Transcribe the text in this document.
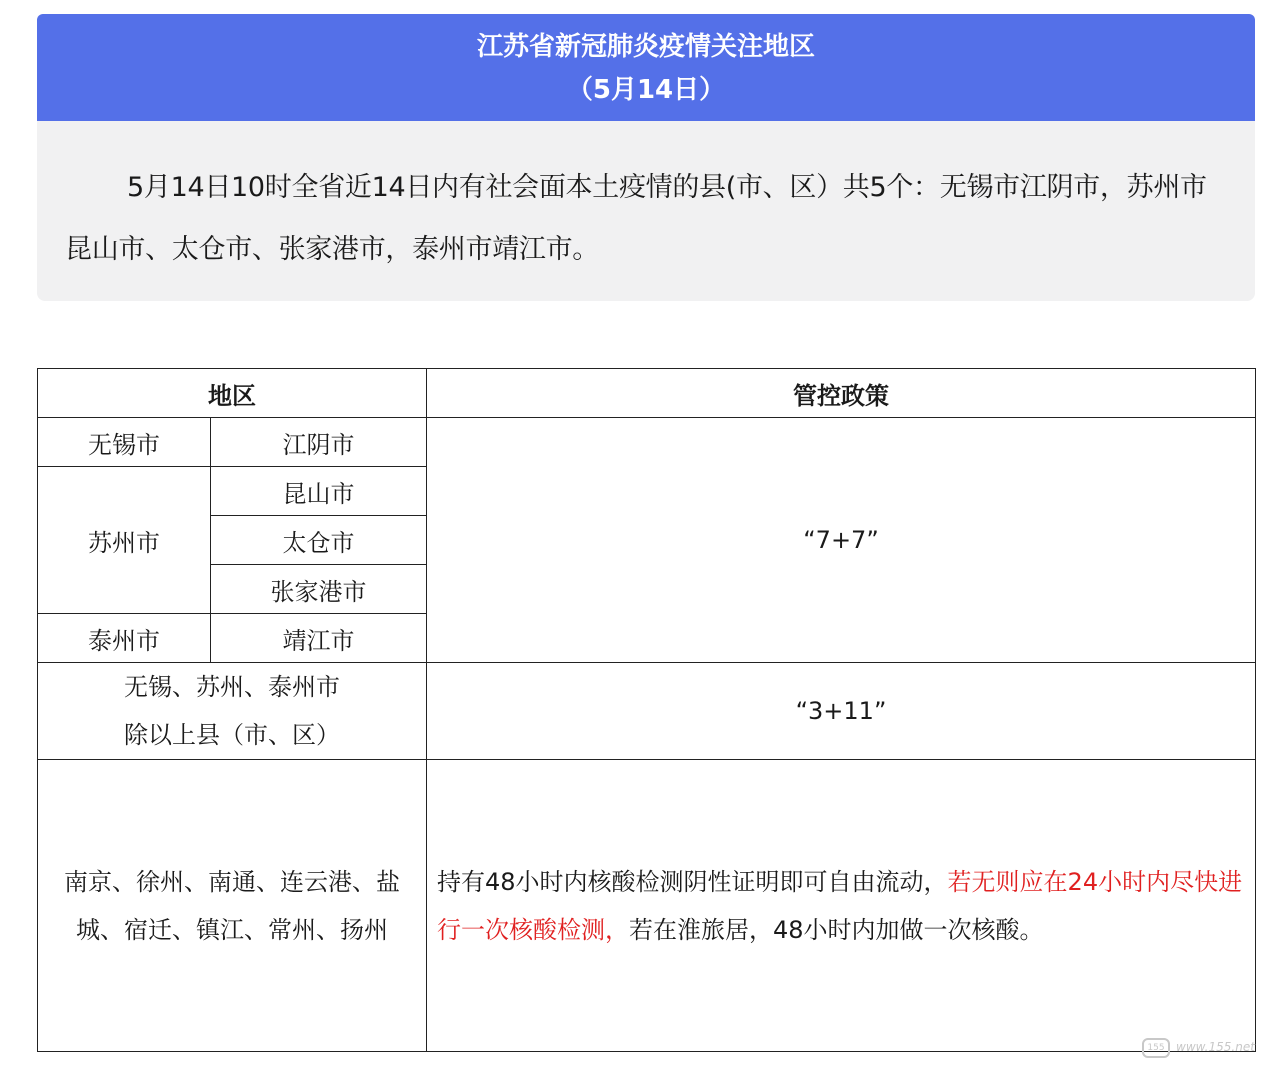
江苏省新冠肺炎疫情关注地区
（5月14日）
5月14日10时全省近14日内有社会面本土疫情的县(市、区）共5个：无锡市江阴市，苏州市昆山市、太仓市、张家港市，泰州市靖江市。
地区		管控政策
无锡市	江阴市	“7+7”
苏州市	昆山市	
	太仓市	
	张家港市	
泰州市	靖江市	

无锡、苏州、泰州市
除以上县（市、区）		“3+11”
南京、徐州、南通、连云港、盐城、宿迁、镇江、常州、扬州		持有48小时内核酸检测阴性证明即可自由流动，若无则应在24小时内尽快进行一次核酸检测，若在淮旅居，48小时内加做一次核酸。
155 www.155.net
